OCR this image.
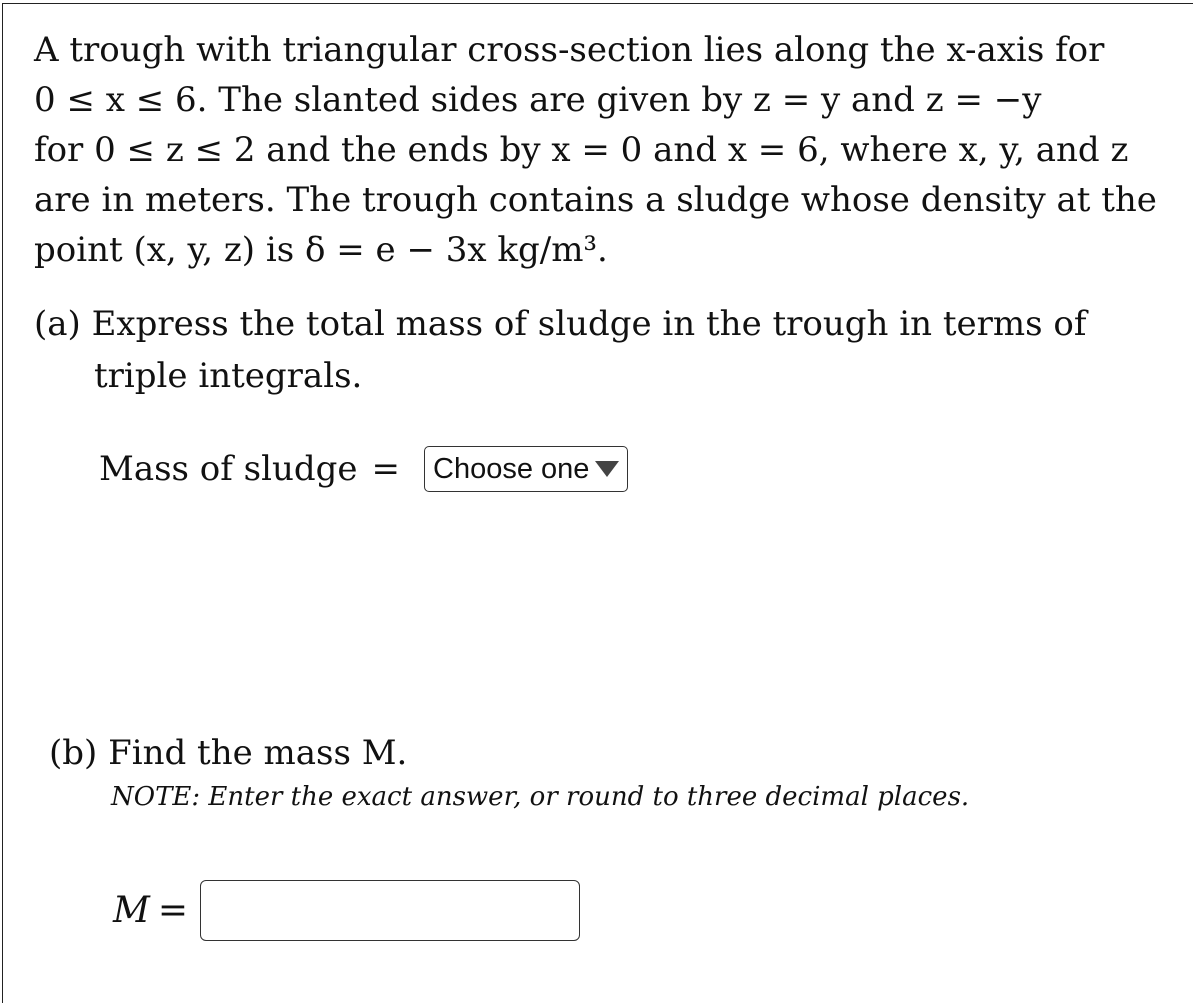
A trough with triangular cross-section lies along the x-axis for
0 ≤ x ≤ 6. The slanted sides are given by z = y and z = −y
for 0 ≤ z ≤ 2 and the ends by x = 0 and x = 6, where x, y, and z
are in meters. The trough contains a sludge whose density at the
point (x, y, z) is δ = e − 3x kg/m³.
(a) Express the total mass of sludge in the trough in terms of
triple integrals.
Mass of sludge = Choose one
(b) Find the mass M.
NOTE: Enter the exact answer, or round to three decimal places.
M =
